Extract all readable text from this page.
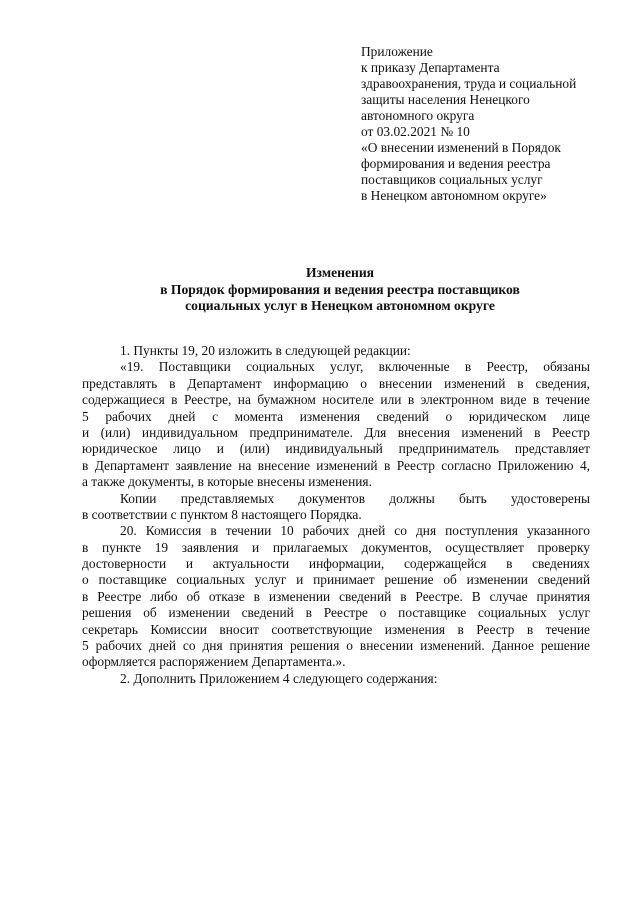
Приложение
к приказу Департамента
здравоохранения, труда и социальной
защиты населения Ненецкого
автономного округа
от 03.02.2021 № 10
«О внесении изменений в Порядок
формирования и ведения реестра
поставщиков социальных услуг
в Ненецком автономном округе»
Изменения
в Порядок формирования и ведения реестра поставщиков
социальных услуг в Ненецком автономном округе
1. Пункты 19, 20 изложить в следующей редакции:
«19. Поставщики социальных услуг, включенные в Реестр, обязаны
представлять в Департамент информацию о внесении изменений в сведения,
содержащиеся в Реестре, на бумажном носителе или в электронном виде в течение
5 рабочих дней с момента изменения сведений о юридическом лице
и (или) индивидуальном предпринимателе. Для внесения изменений в Реестр
юридическое лицо и (или) индивидуальный предприниматель представляет
в Департамент заявление на внесение изменений в Реестр согласно Приложению 4,
а также документы, в которые внесены изменения.
Копии представляемых документов должны быть удостоверены
в соответствии с пунктом 8 настоящего Порядка.
20. Комиссия в течении 10 рабочих дней со дня поступления указанного
в пункте 19 заявления и прилагаемых документов, осуществляет проверку
достоверности и актуальности информации, содержащейся в сведениях
о поставщике социальных услуг и принимает решение об изменении сведений
в Реестре либо об отказе в изменении сведений в Реестре. В случае принятия
решения об изменении сведений в Реестре о поставщике социальных услуг
секретарь Комиссии вносит соответствующие изменения в Реестр в течение
5 рабочих дней со дня принятия решения о внесении изменений. Данное решение
оформляется распоряжением Департамента.».
2. Дополнить Приложением 4 следующего содержания:
